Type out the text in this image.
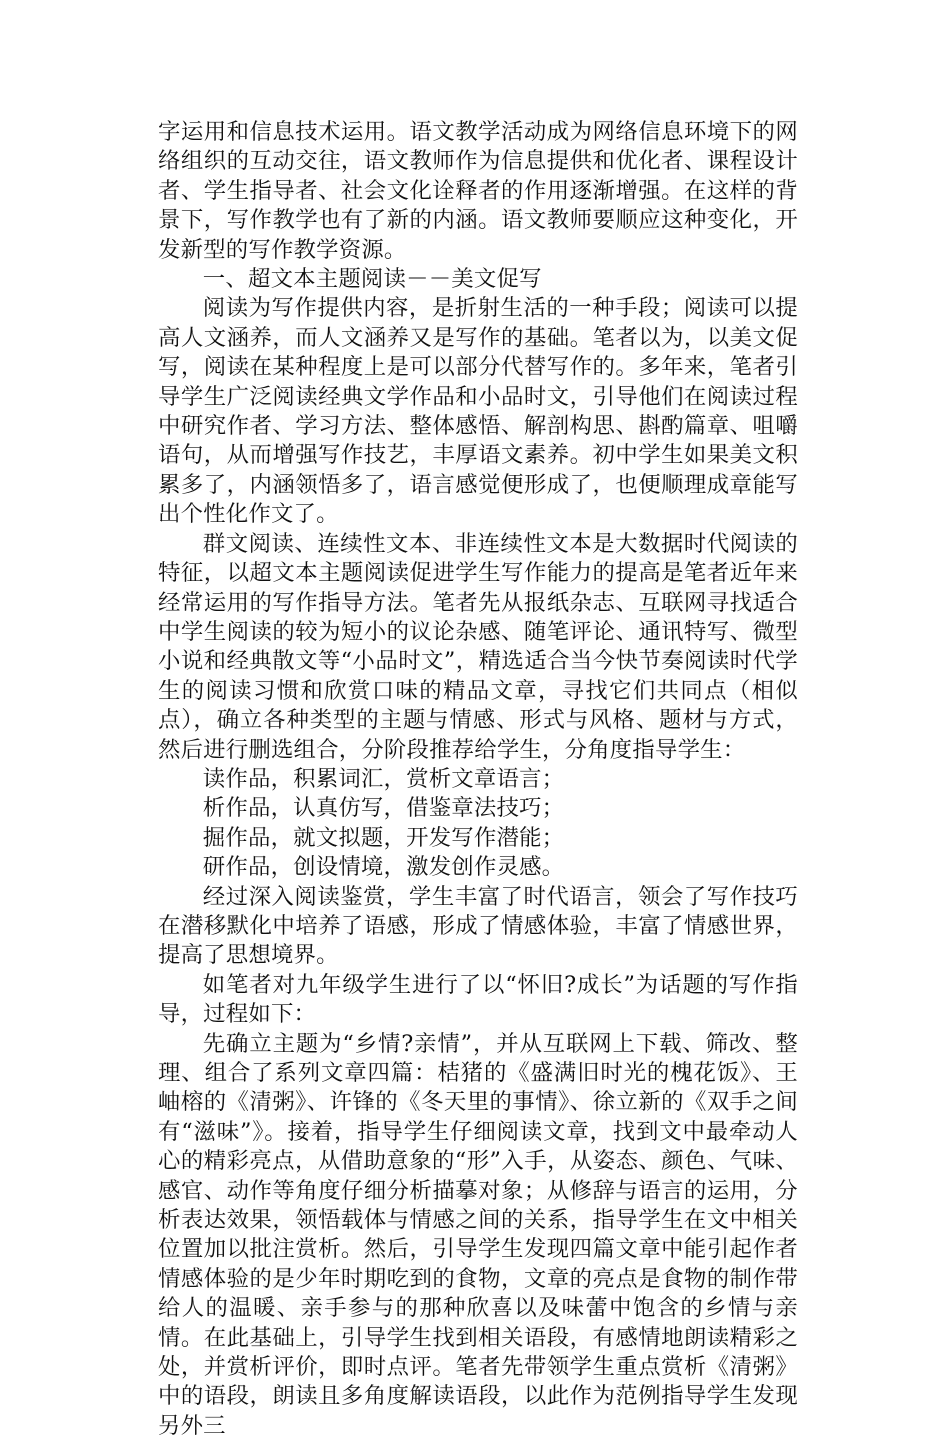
字运用和信息技术运用。语文教学活动成为网络信息环境下的网络组织的互动交往，语文教师作为信息提供和优化者、课程设计者、学生指导者、社会文化诠释者的作用逐渐增强。在这样的背景下，写作教学也有了新的内涵。语文教师要顺应这种变化，开发新型的写作教学资源。

一、超文本主题阅读－－美文促写

阅读为写作提供内容，是折射生活的一种手段；阅读可以提高人文涵养，而人文涵养又是写作的基础。笔者以为，以美文促写，阅读在某种程度上是可以部分代替写作的。多年来，笔者引导学生广泛阅读经典文学作品和小品时文，引导他们在阅读过程中研究作者、学习方法、整体感悟、解剖构思、斟酌篇章、咀嚼语句，从而增强写作技艺，丰厚语文素养。初中学生如果美文积累多了，内涵领悟多了，语言感觉便形成了，也便顺理成章能写出个性化作文了。

群文阅读、连续性文本、非连续性文本是大数据时代阅读的特征，以超文本主题阅读促进学生写作能力的提高是笔者近年来经常运用的写作指导方法。笔者先从报纸杂志、互联网寻找适合中学生阅读的较为短小的议论杂感、随笔评论、通讯特写、微型小说和经典散文等“小品时文”，精选适合当今快节奏阅读时代学生的阅读习惯和欣赏口味的精品文章，寻找它们共同点（相似点），确立各种类型的主题与情感、形式与风格、题材与方式，然后进行删选组合，分阶段推荐给学生，分角度指导学生：

读作品，积累词汇，赏析文章语言；

析作品，认真仿写，借鉴章法技巧；

掘作品，就文拟题，开发写作潜能；

研作品，创设情境，激发创作灵感。

经过深入阅读鉴赏，学生丰富了时代语言，领会了写作技巧在潜移默化中培养了语感，形成了情感体验，丰富了情感世界，提高了思想境界。

如笔者对九年级学生进行了以“怀旧?成长”为话题的写作指导，过程如下：

先确立主题为“乡情?亲情”，并从互联网上下载、筛改、整理、组合了系列文章四篇：桔猪的《盛满旧时光的槐花饭》、王岫榕的《清粥》、许锋的《冬天里的事情》、徐立新的《双手之间有“滋味”》。接着，指导学生仔细阅读文章，找到文中最牵动人心的精彩亮点，从借助意象的“形”入手，从姿态、颜色、气味、感官、动作等角度仔细分析描摹对象；从修辞与语言的运用，分析表达效果，领悟载体与情感之间的关系，指导学生在文中相关位置加以批注赏析。然后，引导学生发现四篇文章中能引起作者情感体验的是少年时期吃到的食物，文章的亮点是食物的制作带给人的温暖、亲手参与的那种欣喜以及味蕾中饱含的乡情与亲情。在此基础上，引导学生找到相关语段，有感情地朗读精彩之处，并赏析评价，即时点评。笔者先带领学生重点赏析《清粥》中的语段，朗读且多角度解读语段，以此作为范例指导学生发现另外三
